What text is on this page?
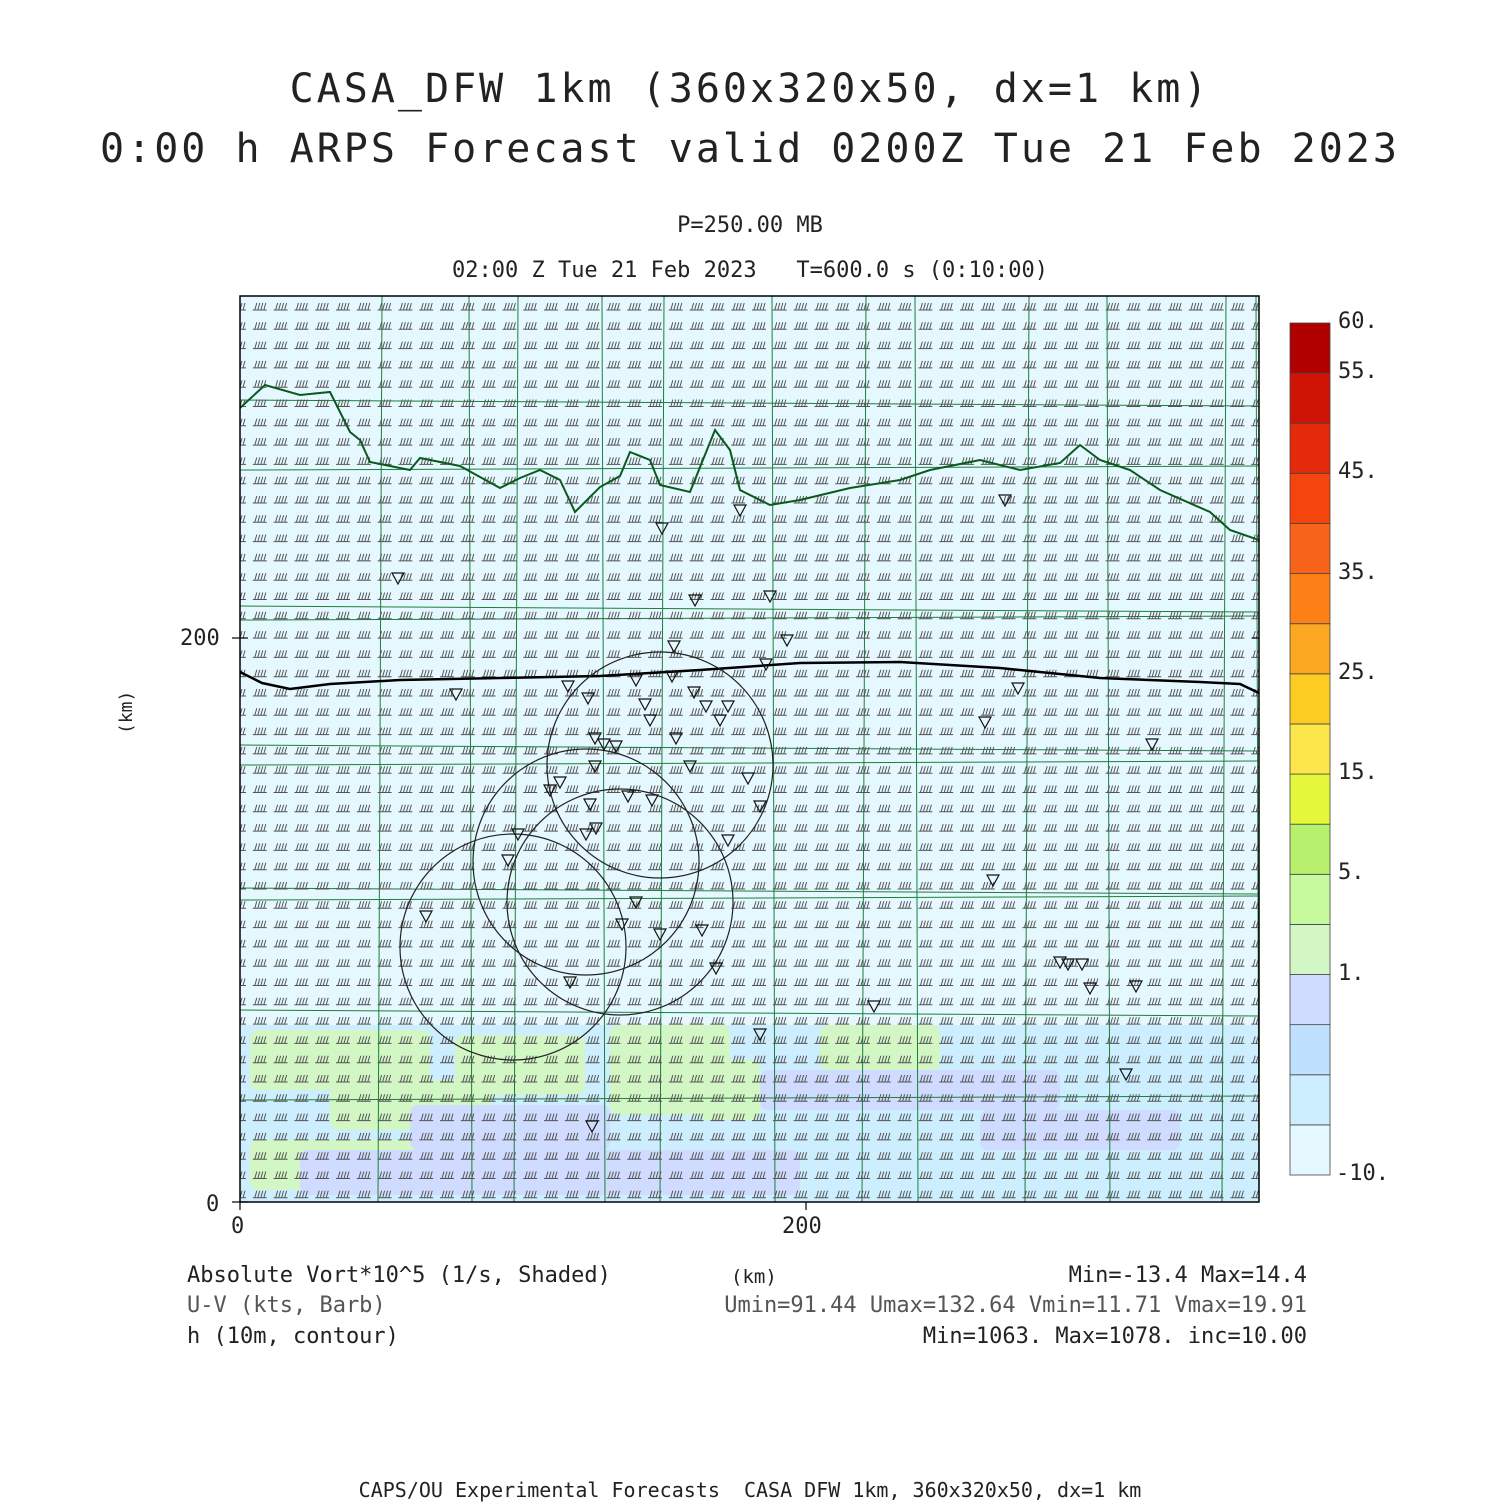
CASA_DFW 1km (360x320x50, dx=1 km)
0:00 h ARPS Forecast valid 0200Z Tue 21 Feb 2023
P=250.00 MB
02:00 Z Tue 21 Feb 2023   T=600.0 s (0:10:00)
200
0
0	200
(km)
60.
55.
45.
35.
25.
15.
5.
1.
-10.
Absolute Vort*10^5 (1/s, Shaded)	(km)	Min=-13.4 Max=14.4
U-V (kts, Barb)	Umin=91.44 Umax=132.64 Vmin=11.71 Vmax=19.91
h (10m, contour)	Min=1063. Max=1078. inc=10.00
CAPS/OU Experimental Forecasts  CASA DFW 1km, 360x320x50, dx=1 km
